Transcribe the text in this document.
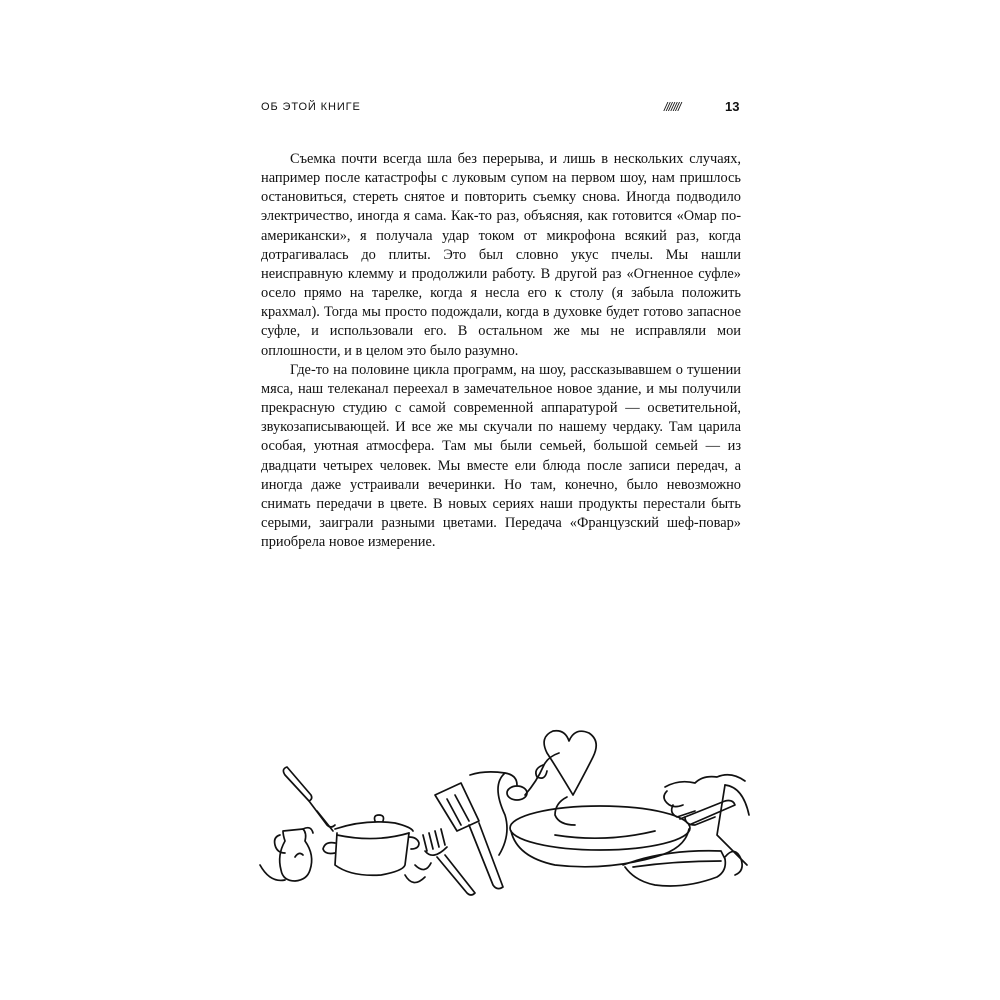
ОБ ЭТОЙ КНИГЕ	///////	13

Съемка почти всегда шла без перерыва, и лишь в нескольких случаях, например после катастрофы с луковым супом на первом шоу, нам пришлось остановиться, стереть снятое и повторить съемку снова. Иногда подводило электричество, иногда я сама. Как-то раз, объясняя, как готовится «Омар по-американски», я получала удар током от микрофона всякий раз, когда дотрагивалась до плиты. Это был словно укус пчелы. Мы нашли неисправную клемму и продолжили работу. В другой раз «Огненное суфле» осело прямо на тарелке, когда я несла его к столу (я забыла положить крахмал). Тогда мы просто подождали, когда в духовке будет готово запасное суфле, и использовали его. В остальном же мы не исправляли мои оплошности, и в целом это было разумно.

Где-то на половине цикла программ, на шоу, рассказывавшем о тушении мяса, наш телеканал переехал в замечательное новое здание, и мы получили прекрасную студию с самой современной аппаратурой — осветительной, звукозаписывающей. И все же мы скучали по нашему чердаку. Там царила особая, уютная атмосфера. Там мы были семьей, большой семьей — из двадцати четырех человек. Мы вместе ели блюда после записи передач, а иногда даже устраивали вечеринки. Но там, конечно, было невозможно снимать передачи в цвете. В новых сериях наши продукты перестали быть серыми, заиграли разными цветами. Передача «Французский шеф-повар» приобрела новое измерение.
